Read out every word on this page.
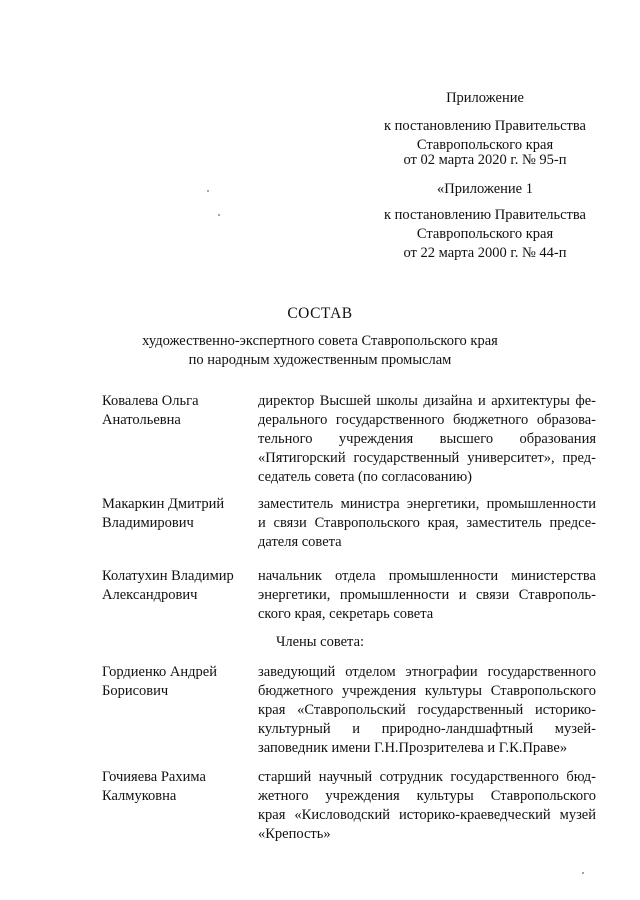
Приложение
к постановлению Правительства
Ставропольского края
от 02 марта 2020 г. № 95-п
«Приложение 1
к постановлению Правительства
Ставропольского края
от 22 марта 2000 г. № 44-п
СОСТАВ
художественно-экспертного совета Ставропольского края
по народным художественным промыслам
Ковалева Ольга
Анатольевна
директор Высшей школы дизайна и архитектуры фе-
дерального государственного бюджетного образова-
тельного учреждения высшего образования
«Пятигорский государственный университет», пред-
седатель совета (по согласованию)
Макаркин Дмитрий
Владимирович
заместитель министра энергетики, промышленности
и связи Ставропольского края, заместитель предсе-
дателя совета
Колатухин Владимир
Александрович
начальник отдела промышленности министерства
энергетики, промышленности и связи Ставрополь-
ского края, секретарь совета
Члены совета:
Гордиенко Андрей
Борисович
заведующий отделом этнографии государственного
бюджетного учреждения культуры Ставропольского
края «Ставропольский государственный историко-
культурный и природно-ландшафтный музей-
заповедник имени Г.Н.Прозрителева и Г.К.Праве»
Гочияева Рахима
Калмуковна
старший научный сотрудник государственного бюд-
жетного учреждения культуры Ставропольского
края «Кисловодский историко-краеведческий музей
«Крепость»
